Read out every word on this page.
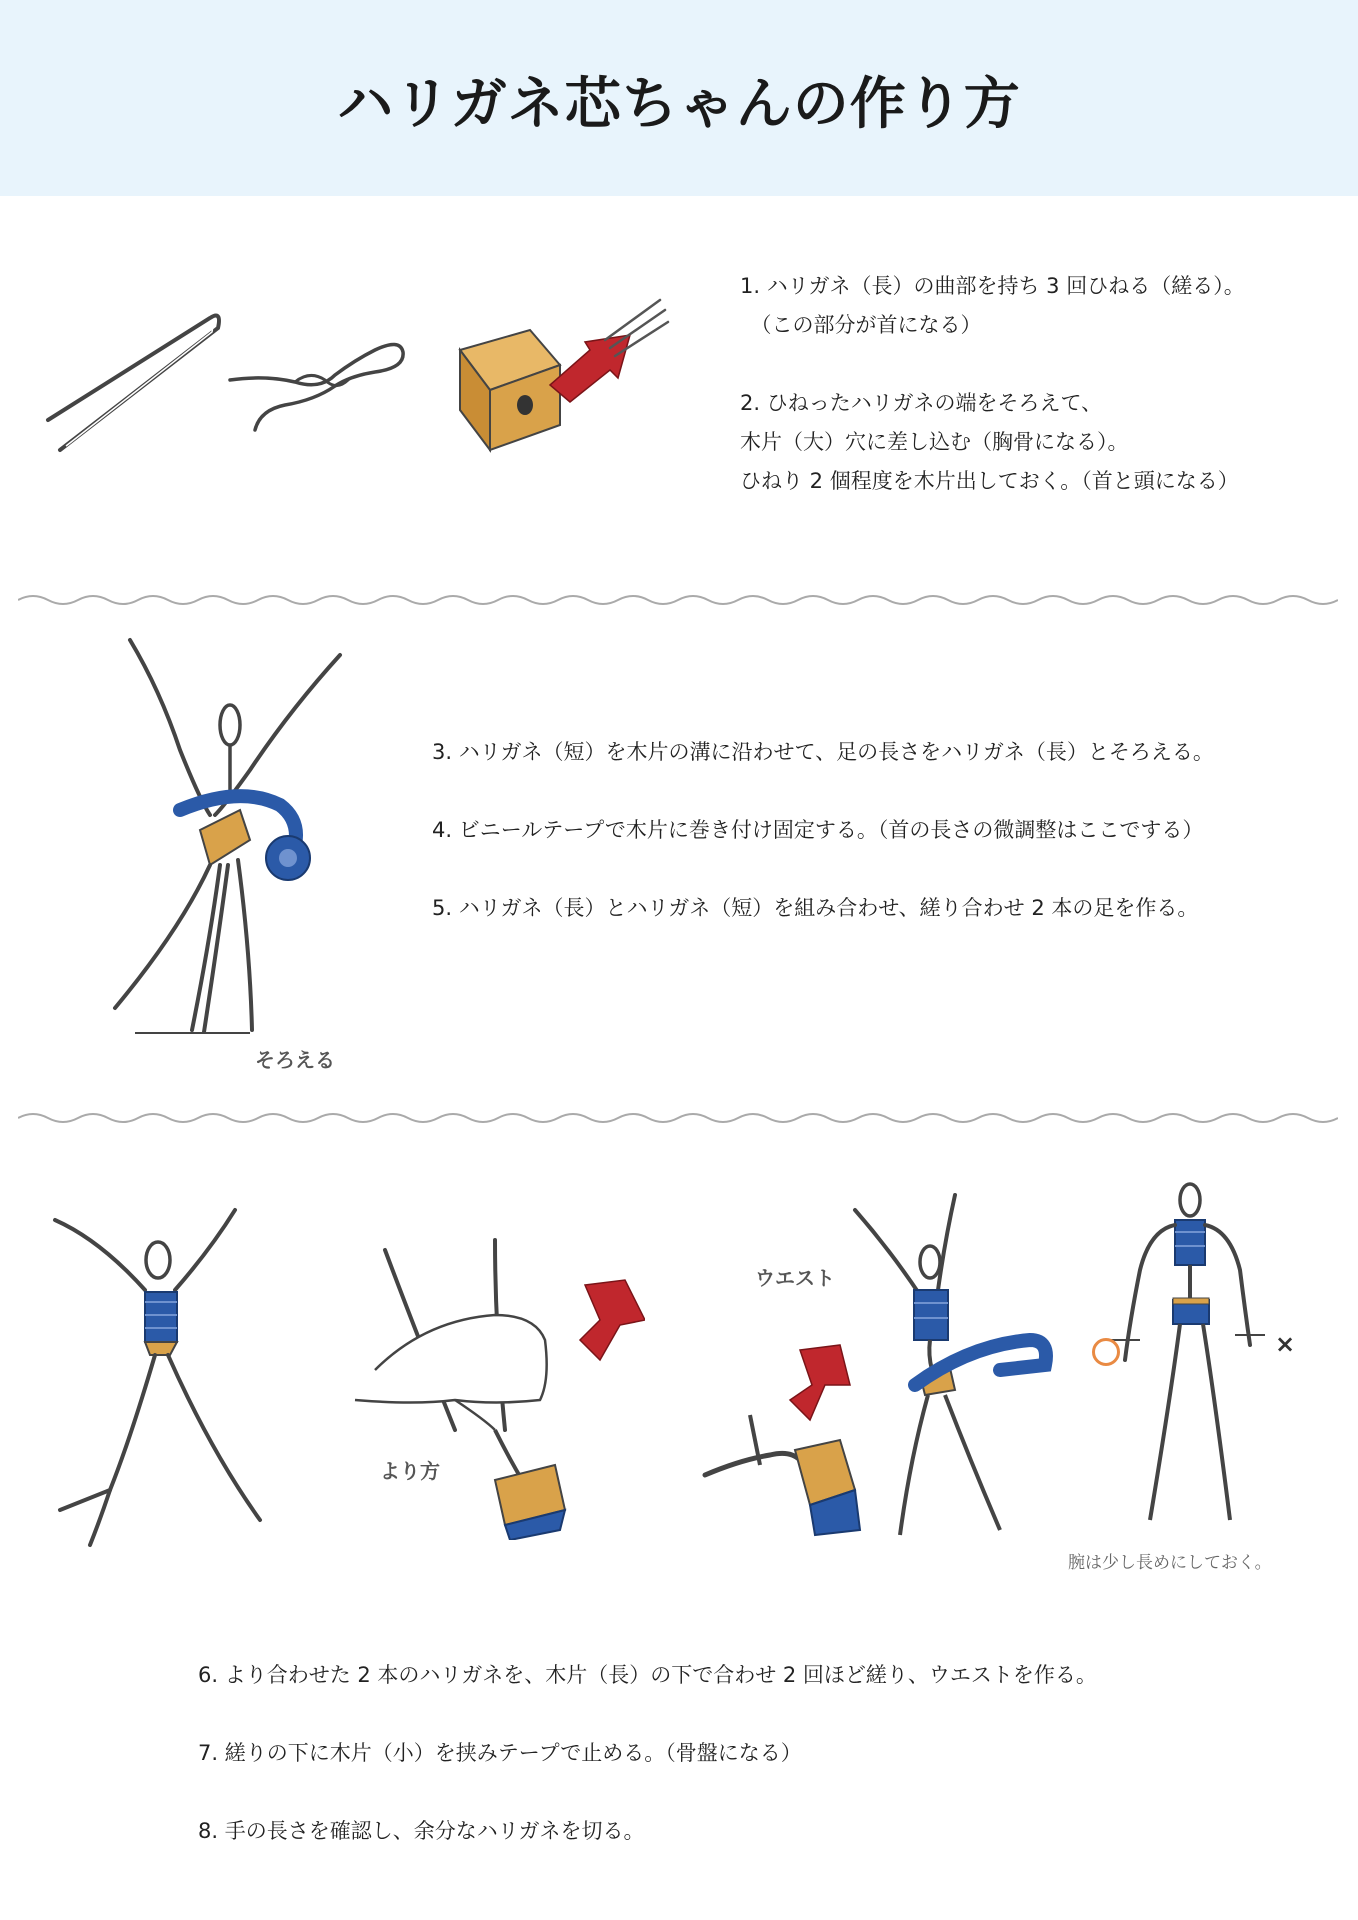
ハリガネ芯ちゃんの作り方

1. ハリガネ（長）の曲部を持ち 3 回ひねる（縒る）。

　（この部分が首になる）

2. ひねったハリガネの端をそろえて、

木片（大）穴に差し込む（胸骨になる）。

ひねり 2 個程度を木片出しておく。（首と頭になる）

そろえる

3. ハリガネ（短）を木片の溝に沿わせて、足の長さをハリガネ（長）とそろえる。

4. ビニールテープで木片に巻き付け固定する。（首の長さの微調整はここでする）

5. ハリガネ（長）とハリガネ（短）を組み合わせ、縒り合わせ 2 本の足を作る。

より方
ウエスト
×
腕は少し長めにしておく。

6. より合わせた 2 本のハリガネを、木片（長）の下で合わせ 2 回ほど縒り、ウエストを作る。

7. 縒りの下に木片（小）を挟みテープで止める。（骨盤になる）

8. 手の長さを確認し、余分なハリガネを切る。
